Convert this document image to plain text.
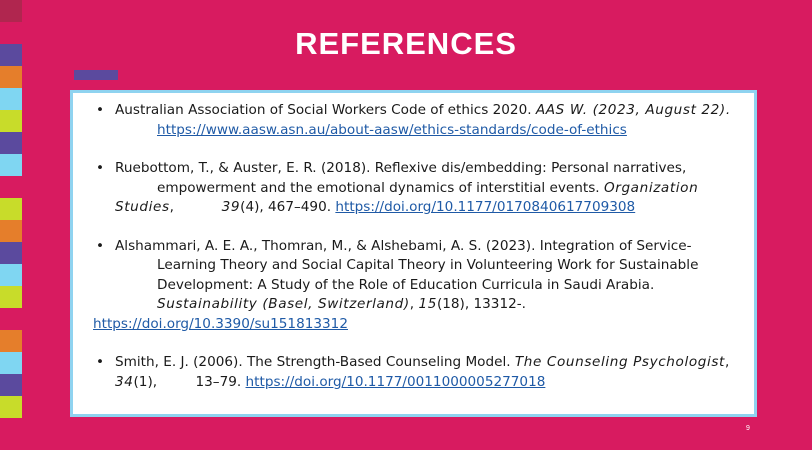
REFERENCES
• Australian Association of Social Workers Code of ethics 2020. AAS W. (2023, August 22).
https://www.aasw.asn.au/about-aasw/ethics-standards/code-of-ethics
• Ruebottom, T., & Auster, E. R. (2018). Reflexive dis/embedding: Personal narratives,
empowerment and the emotional dynamics of interstitial events. Organization
Studies,	39(4), 467–490. https://doi.org/10.1177/0170840617709308
• Alshammari, A. E. A., Thomran, M., & Alshebami, A. S. (2023). Integration of Service-
Learning Theory and Social Capital Theory in Volunteering Work for Sustainable
Development: A Study of the Role of Education Curricula in Saudi Arabia.
Sustainability (Basel, Switzerland), 15(18), 13312-.
https://doi.org/10.3390/su151813312
• Smith, E. J. (2006). The Strength-Based Counseling Model. The Counseling Psychologist,
34(1),	13–79. https://doi.org/10.1177/0011000005277018
9
